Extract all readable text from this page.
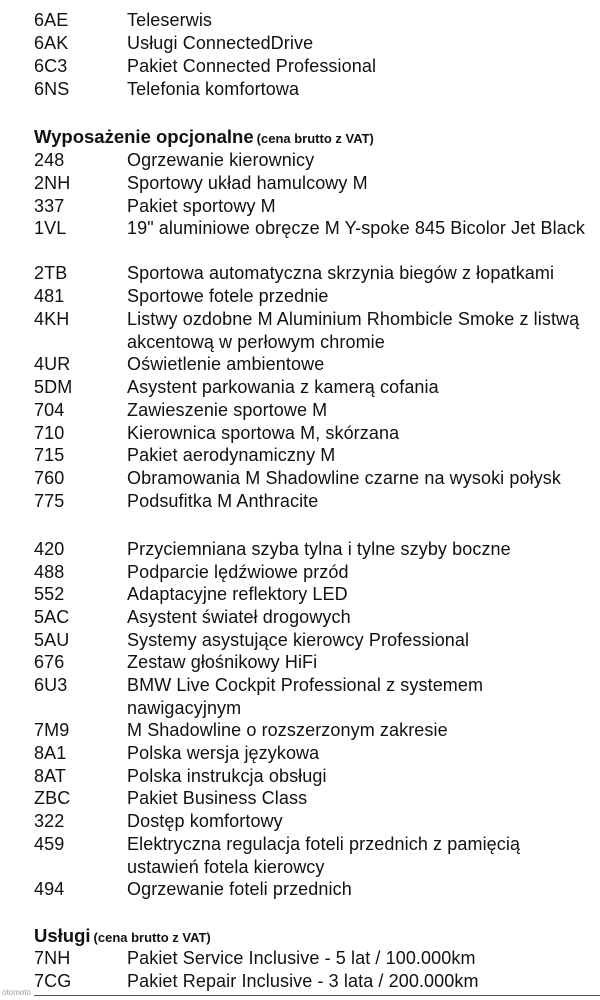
6AE	Teleserwis
6AK	Usługi ConnectedDrive
6C3	Pakiet Connected Professional
6NS	Telefonia komfortowa
Wyposażenie opcjonalne (cena brutto z VAT)
248	Ogrzewanie kierownicy
2NH	Sportowy układ hamulcowy M
337	Pakiet sportowy M
1VL	19" aluminiowe obręcze M Y-spoke 845 Bicolor Jet Black
2TB	Sportowa automatyczna skrzynia biegów z łopatkami
481	Sportowe fotele przednie
4KH	Listwy ozdobne M Aluminium Rhombicle Smoke z listwą akcentową w perłowym chromie
4UR	Oświetlenie ambientowe
5DM	Asystent parkowania z kamerą cofania
704	Zawieszenie sportowe M
710	Kierownica sportowa M, skórzana
715	Pakiet aerodynamiczny M
760	Obramowania M Shadowline czarne na wysoki połysk
775	Podsufitka M Anthracite
420	Przyciemniana szyba tylna i tylne szyby boczne
488	Podparcie lędźwiowe przód
552	Adaptacyjne reflektory LED
5AC	Asystent świateł drogowych
5AU	Systemy asystujące kierowcy Professional
676	Zestaw głośnikowy HiFi
6U3	BMW Live Cockpit Professional z systemem nawigacyjnym
7M9	M Shadowline o rozszerzonym zakresie
8A1	Polska wersja językowa
8AT	Polska instrukcja obsługi
ZBC	Pakiet Business Class
322	Dostęp komfortowy
459	Elektryczna regulacja foteli przednich z pamięcią ustawień fotela kierowcy
494	Ogrzewanie foteli przednich
Usługi (cena brutto z VAT)
7NH	Pakiet Service Inclusive - 5 lat / 100.000km
7CG	Pakiet Repair Inclusive - 3 lata / 200.000km
otomoto
